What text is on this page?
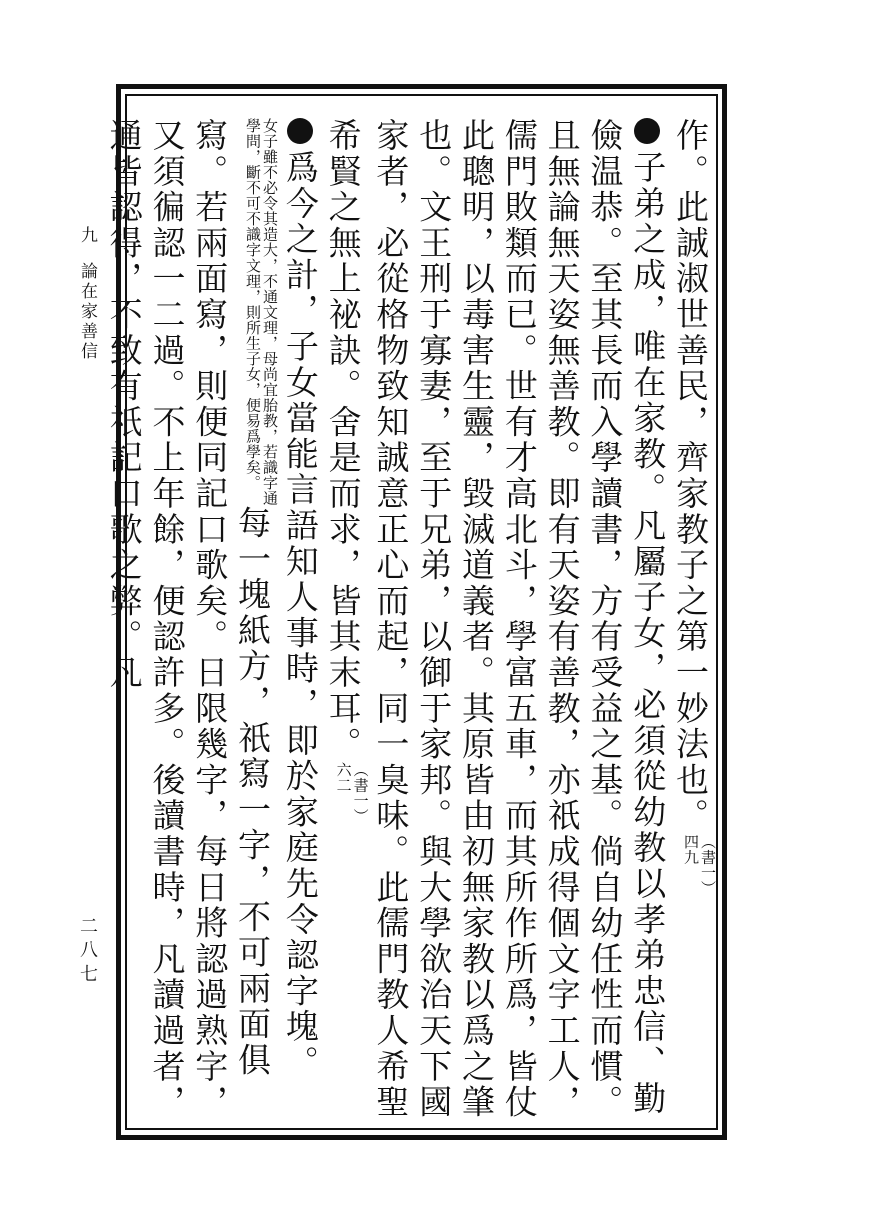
九
論在家善信
二八七
作。此誠淑世善民，齊家教子之第一妙法也。
（書一）
四九

子弟之成，唯在家教。凡屬子女，必須從幼教以孝弟忠信、勤儉温恭。至其長而入學讀書，方有受益之基。倘自幼任性而慣。且無論無天姿無善教。即有天姿有善教，亦祇成得個文字工人，儒門敗類而已。世有才高北斗，學富五車，而其所作所爲，皆仗此聰明，以毒害生靈，毀滅道義者。其原皆由初無家教以爲之肇也。文王刑于寡妻，至于兄弟，以御于家邦。與大學欲治天下國家者，必從格物致知誠意正心而起，同一臭味。此儒門教人希聖希賢之無上祕訣。舍是而求，皆其末耳。
（書一）
六二

爲今之計，子女當能言語知人事時，即於家庭先令認字塊。
女子雖不必令其造大
學問，斷不可不識字
，不通文理，母尚宜胎教，若識字通
文理，則所生子女，便易爲學矣。
每一塊紙方，祇寫一字，不可兩面俱寫。若兩面寫，則便同記口歌矣。日限幾字，每日將認過熟字，又須徧認一二過。不上年餘，便認許多。後讀書時，凡讀過者，通皆認得，不致有祇記口歌之弊。凡
